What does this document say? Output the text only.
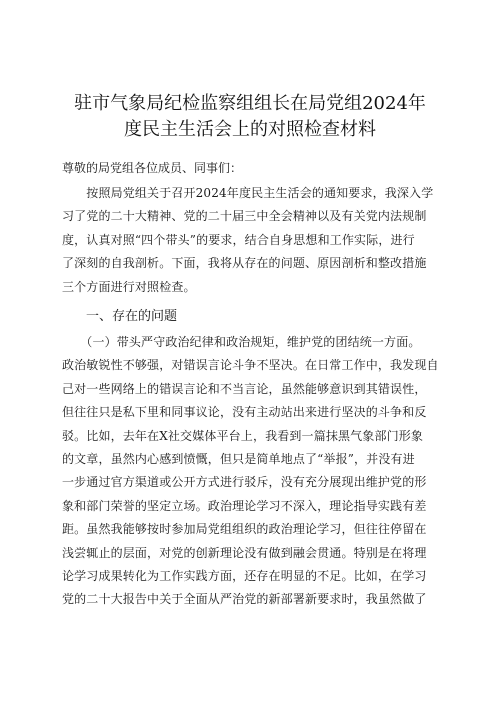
驻市气象局纪检监察组组长在局党组2024年
度民主生活会上的对照检查材料
尊敬的局党组各位成员、同事们：
　　按照局党组关于召开2024年度民主生活会的通知要求，我深入学
习了党的二十大精神、党的二十届三中全会精神以及有关党内法规制
度，认真对照“四个带头”的要求，结合自身思想和工作实际，进行
了深刻的自我剖析。下面，我将从存在的问题、原因剖析和整改措施
三个方面进行对照检查。
一、存在的问题
　　（一）带头严守政治纪律和政治规矩，维护党的团结统一方面。
政治敏锐性不够强，对错误言论斗争不坚决。在日常工作中，我发现自
己对一些网络上的错误言论和不当言论，虽然能够意识到其错误性，
但往往只是私下里和同事议论，没有主动站出来进行坚决的斗争和反
驳。比如，去年在X社交媒体平台上，我看到一篇抹黑气象部门形象
的文章，虽然内心感到愤慨，但只是简单地点了“举报”，并没有进
一步通过官方渠道或公开方式进行驳斥，没有充分展现出维护党的形
象和部门荣誉的坚定立场。政治理论学习不深入，理论指导实践有差
距。虽然我能够按时参加局党组组织的政治理论学习，但往往停留在
浅尝辄止的层面，对党的创新理论没有做到融会贯通。特别是在将理
论学习成果转化为工作实践方面，还存在明显的不足。比如，在学习
党的二十大报告中关于全面从严治党的新部署新要求时，我虽然做了
